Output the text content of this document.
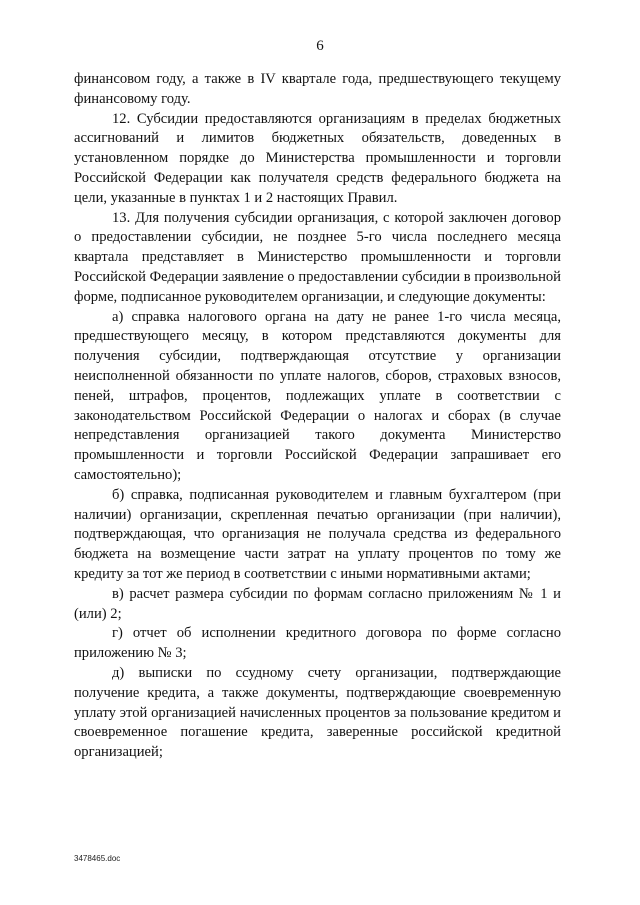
6

финансовом году, а также в IV квартале года, предшествующего текущему финансовому году.

12. Субсидии предоставляются организациям в пределах бюджетных ассигнований и лимитов бюджетных обязательств, доведенных в установленном порядке до Министерства промышленности и торговли Российской Федерации как получателя средств федерального бюджета на цели, указанные в пунктах 1 и 2 настоящих Правил.

13. Для получения субсидии организация, с которой заключен договор о предоставлении субсидии, не позднее 5-го числа последнего месяца квартала представляет в Министерство промышленности и торговли Российской Федерации заявление о предоставлении субсидии в произвольной форме, подписанное руководителем организации, и следующие документы:

а) справка налогового органа на дату не ранее 1-го числа месяца, предшествующего месяцу, в котором представляются документы для получения субсидии, подтверждающая отсутствие у организации неисполненной обязанности по уплате налогов, сборов, страховых взносов, пеней, штрафов, процентов, подлежащих уплате в соответствии с законодательством Российской Федерации о налогах и сборах (в случае непредставления организацией такого документа Министерство промышленности и торговли Российской Федерации запрашивает его самостоятельно);

б) справка, подписанная руководителем и главным бухгалтером (при наличии) организации, скрепленная печатью организации (при наличии), подтверждающая, что организация не получала средства из федерального бюджета на возмещение части затрат на уплату процентов по тому же кредиту за тот же период в соответствии с иными нормативными актами;

в) расчет размера субсидии по формам согласно приложениям № 1 и (или) 2;

г) отчет об исполнении кредитного договора по форме согласно приложению № 3;

д) выписки по ссудному счету организации, подтверждающие получение кредита, а также документы, подтверждающие своевременную уплату этой организацией начисленных процентов за пользование кредитом и своевременное погашение кредита, заверенные российской кредитной организацией;

3478465.doc
